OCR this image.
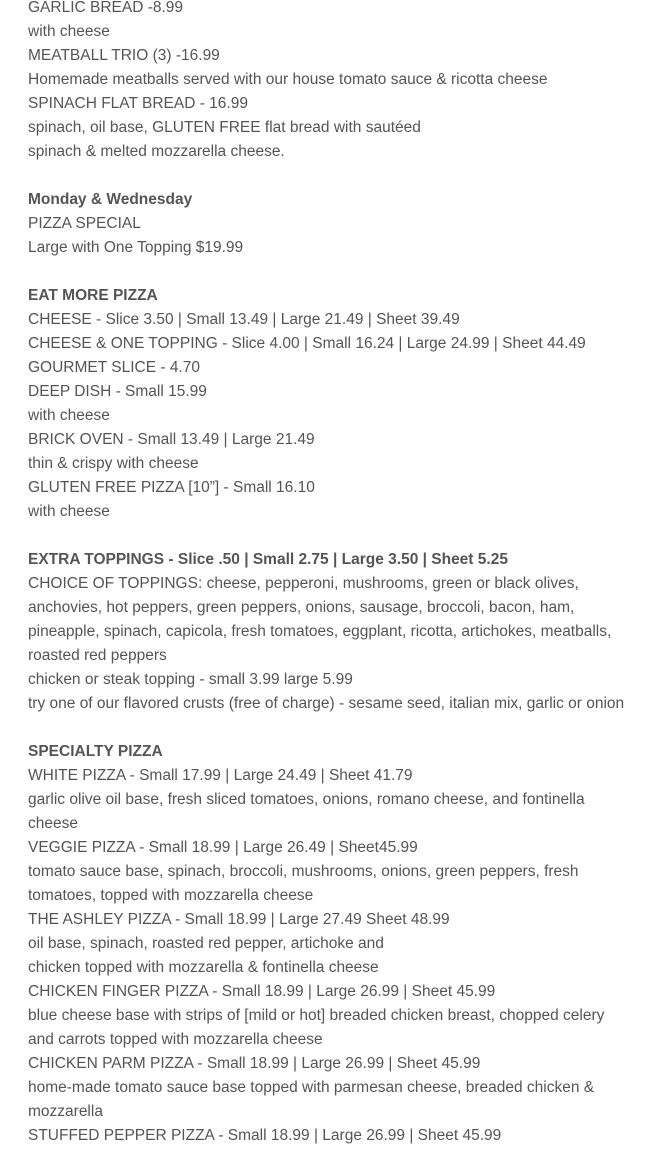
GARLIC BREAD -8.99

with cheese

MEATBALL TRIO (3) -16.99

Homemade meatballs served with our house tomato sauce & ricotta cheese

SPINACH FLAT BREAD - 16.99

spinach, oil base, GLUTEN FREE flat bread with sautéed

spinach & melted mozzarella cheese.

Monday & Wednesday

PIZZA SPECIAL

Large with One Topping $19.99

EAT MORE PIZZA

CHEESE - Slice 3.50 | Small 13.49 | Large 21.49 | Sheet 39.49

CHEESE & ONE TOPPING - Slice 4.00 | Small 16.24 | Large 24.99 | Sheet 44.49

GOURMET SLICE - 4.70

DEEP DISH - Small 15.99

with cheese

BRICK OVEN - Small 13.49 | Large 21.49

thin & crispy with cheese

GLUTEN FREE PIZZA [10”] - Small 16.10

with cheese

EXTRA TOPPINGS - Slice .50 | Small 2.75 | Large 3.50 | Sheet 5.25

CHOICE OF TOPPINGS: cheese, pepperoni, mushrooms, green or black olives, anchovies, hot peppers, green peppers, onions, sausage, broccoli, bacon, ham, pineapple, spinach, capicola, fresh tomatoes, eggplant, ricotta, artichokes, meatballs, roasted red peppers

chicken or steak topping - small 3.99 large 5.99

try one of our flavored crusts (free of charge) - sesame seed, italian mix, garlic or onion

SPECIALTY PIZZA

WHITE PIZZA - Small 17.99 | Large 24.49 | Sheet 41.79

garlic olive oil base, fresh sliced tomatoes, onions, romano cheese, and fontinella cheese

VEGGIE PIZZA - Small 18.99 | Large 26.49 | Sheet45.99

tomato sauce base, spinach, broccoli, mushrooms, onions, green peppers, fresh tomatoes, topped with mozzarella cheese

THE ASHLEY PIZZA - Small 18.99 | Large 27.49 Sheet 48.99

oil base, spinach, roasted red pepper, artichoke and

chicken topped with mozzarella & fontinella cheese

CHICKEN FINGER PIZZA - Small 18.99 | Large 26.99 | Sheet 45.99

blue cheese base with strips of [mild or hot] breaded chicken breast, chopped celery and carrots topped with mozzarella cheese

CHICKEN PARM PIZZA - Small 18.99 | Large 26.99 | Sheet 45.99

home-made tomato sauce base topped with parmesan cheese, breaded chicken & mozzarella

STUFFED PEPPER PIZZA - Small 18.99 | Large 26.99 | Sheet 45.99
